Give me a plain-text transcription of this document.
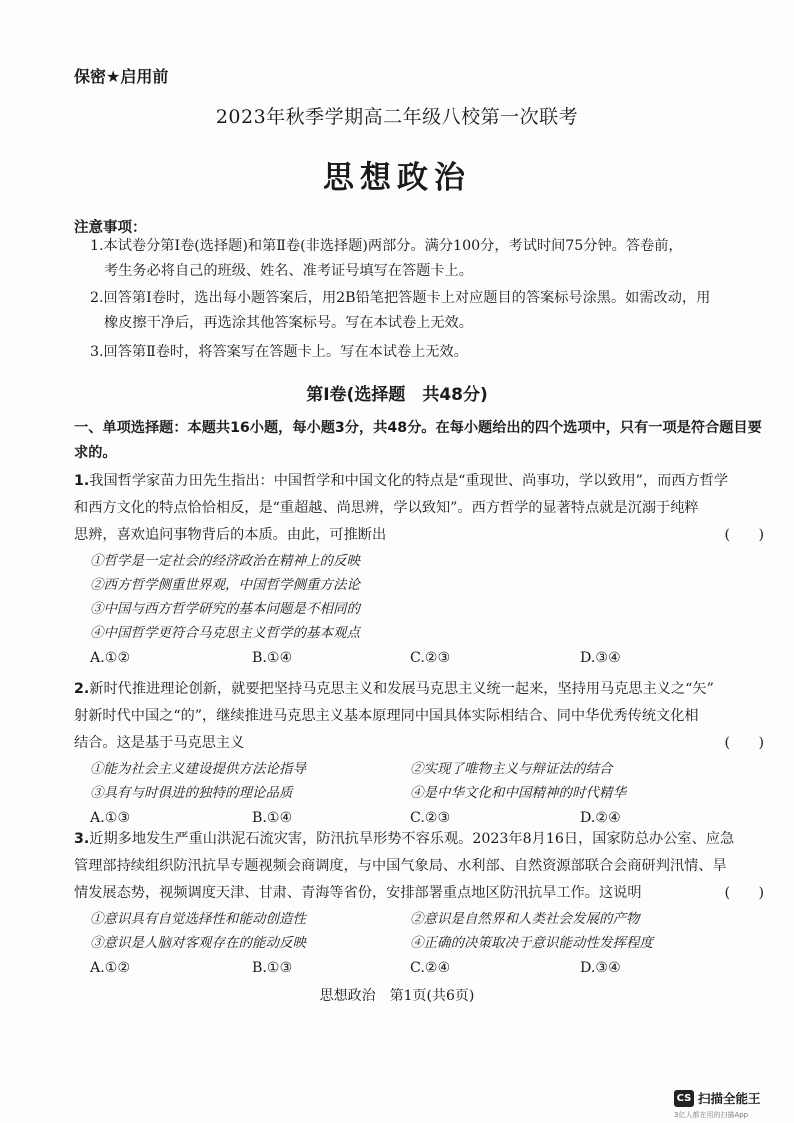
保密★启用前
2023年秋季学期高二年级八校第一次联考
思想政治
注意事项：
1.本试卷分第Ⅰ卷(选择题)和第Ⅱ卷(非选择题)两部分。满分100分，考试时间75分钟。答卷前，
考生务必将自己的班级、姓名、准考证号填写在答题卡上。
2.回答第Ⅰ卷时，选出每小题答案后，用2B铅笔把答题卡上对应题目的答案标号涂黑。如需改动，用
橡皮擦干净后，再选涂其他答案标号。写在本试卷上无效。
3.回答第Ⅱ卷时，将答案写在答题卡上。写在本试卷上无效。
第Ⅰ卷(选择题　共48分)
一、单项选择题：本题共16小题，每小题3分，共48分。在每小题给出的四个选项中，只有一项是符合题目要求的。
1.我国哲学家苗力田先生指出：中国哲学和中国文化的特点是“重现世、尚事功，学以致用”，而西方哲学
和西方文化的特点恰恰相反，是“重超越、尚思辨，学以致知”。西方哲学的显著特点就是沉溺于纯粹
思辨，喜欢追问事物背后的本质。由此，可推断出	(　　)
①哲学是一定社会的经济政治在精神上的反映
②西方哲学侧重世界观，中国哲学侧重方法论
③中国与西方哲学研究的基本问题是不相同的
④中国哲学更符合马克思主义哲学的基本观点
A.①②	B.①④	C.②③	D.③④
2.新时代推进理论创新，就要把坚持马克思主义和发展马克思主义统一起来，坚持用马克思主义之“矢”
射新时代中国之“的”，继续推进马克思主义基本原理同中国具体实际相结合、同中华优秀传统文化相
结合。这是基于马克思主义	(　　)
①能为社会主义建设提供方法论指导	②实现了唯物主义与辩证法的结合
③具有与时俱进的独特的理论品质	④是中华文化和中国精神的时代精华
A.①③	B.①④	C.②③	D.②④
3.近期多地发生严重山洪泥石流灾害，防汛抗旱形势不容乐观。2023年8月16日，国家防总办公室、应急
管理部持续组织防汛抗旱专题视频会商调度，与中国气象局、水利部、自然资源部联合会商研判汛情、旱
情发展态势，视频调度天津、甘肃、青海等省份，安排部署重点地区防汛抗旱工作。这说明	(　　)
①意识具有自觉选择性和能动创造性	②意识是自然界和人类社会发展的产物
③意识是人脑对客观存在的能动反映	④正确的决策取决于意识能动性发挥程度
A.①②	B.①③	C.②④	D.③④
思想政治　第1页(共6页)
CS 扫描全能王
3亿人都在用的扫描App
